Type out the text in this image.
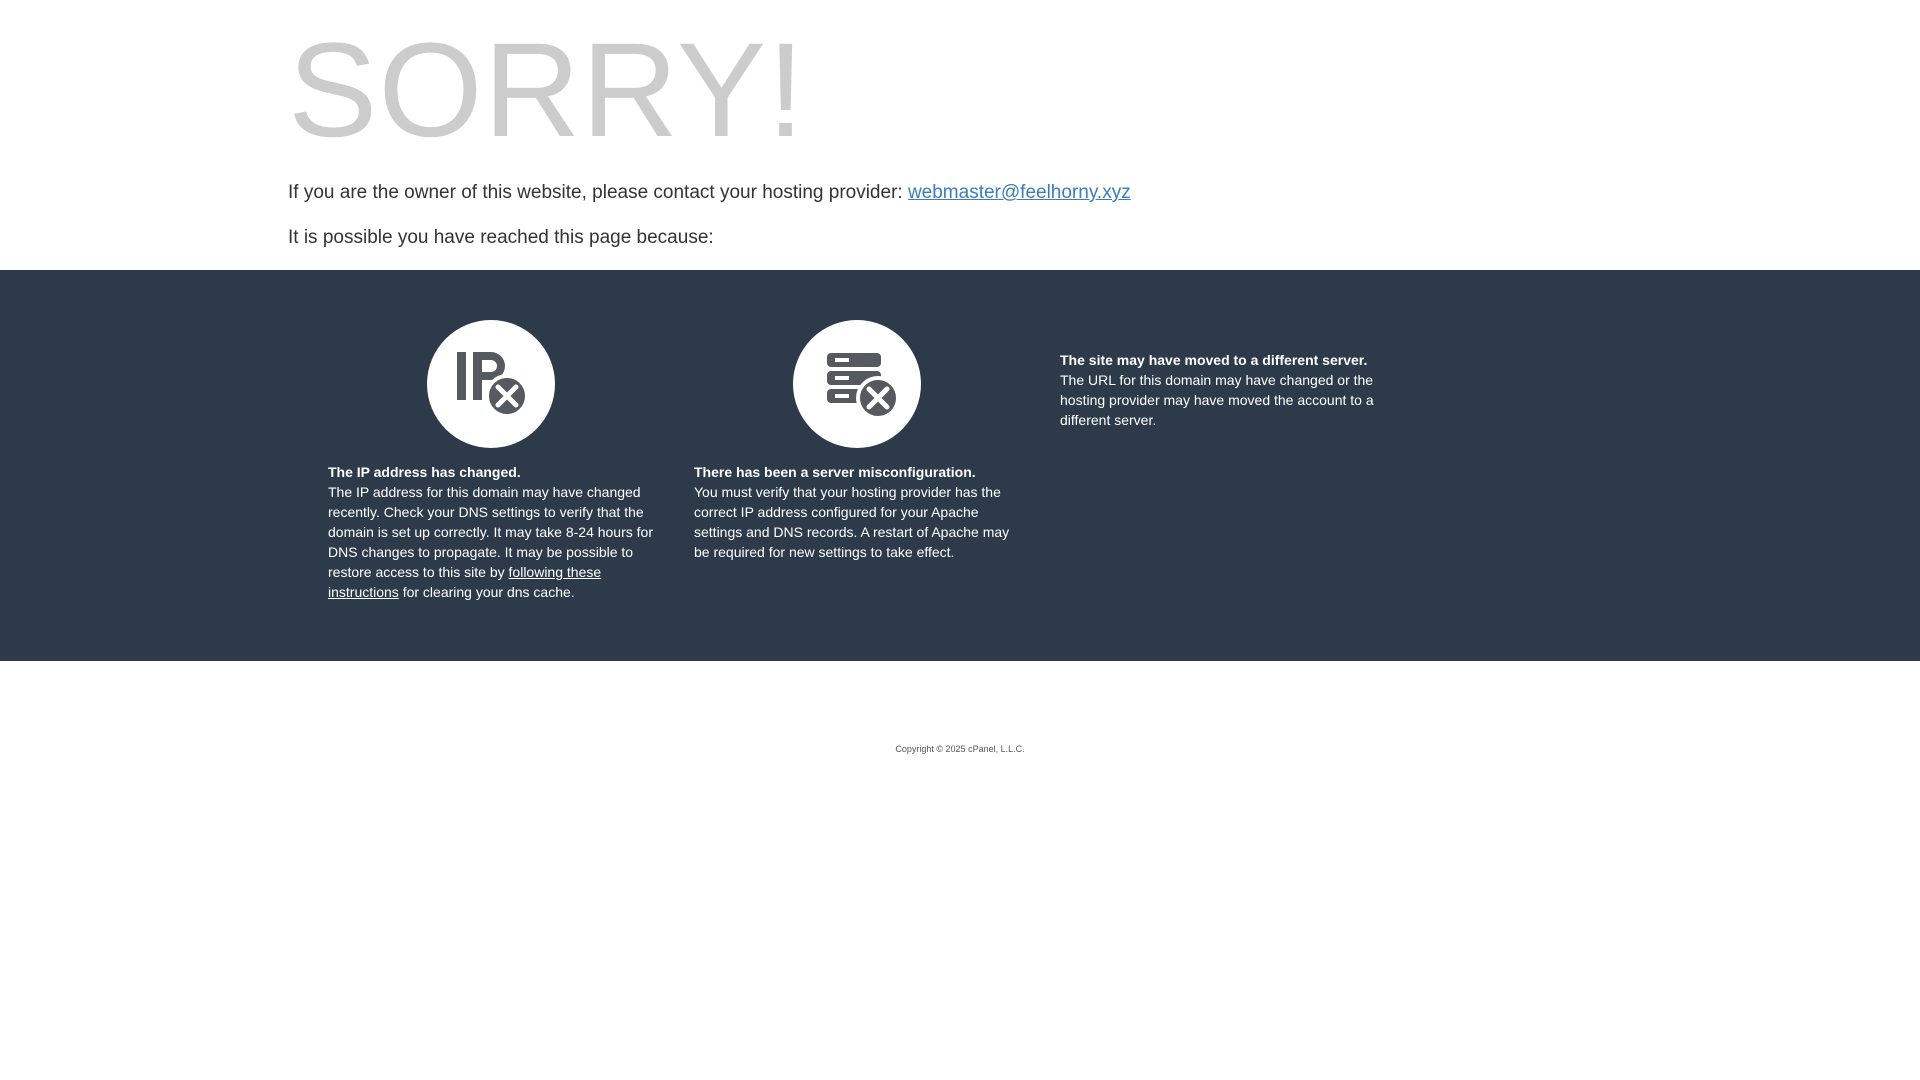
SORRY!

If you are the owner of this website, please contact your hosting provider: webmaster@feelhorny.xyz

It is possible you have reached this page because:

The IP address has changed.

The IP address for this domain may have changed recently. Check your DNS settings to verify that the domain is set up correctly. It may take 8-24 hours for DNS changes to propagate. It may be possible to restore access to this site by following these instructions for clearing your dns cache.

There has been a server misconfiguration.

You must verify that your hosting provider has the correct IP address configured for your Apache settings and DNS records. A restart of Apache may be required for new settings to take effect.

The site may have moved to a different server.

The URL for this domain may have changed or the hosting provider may have moved the account to a different server.

Copyright © 2025 cPanel, L.L.C.
